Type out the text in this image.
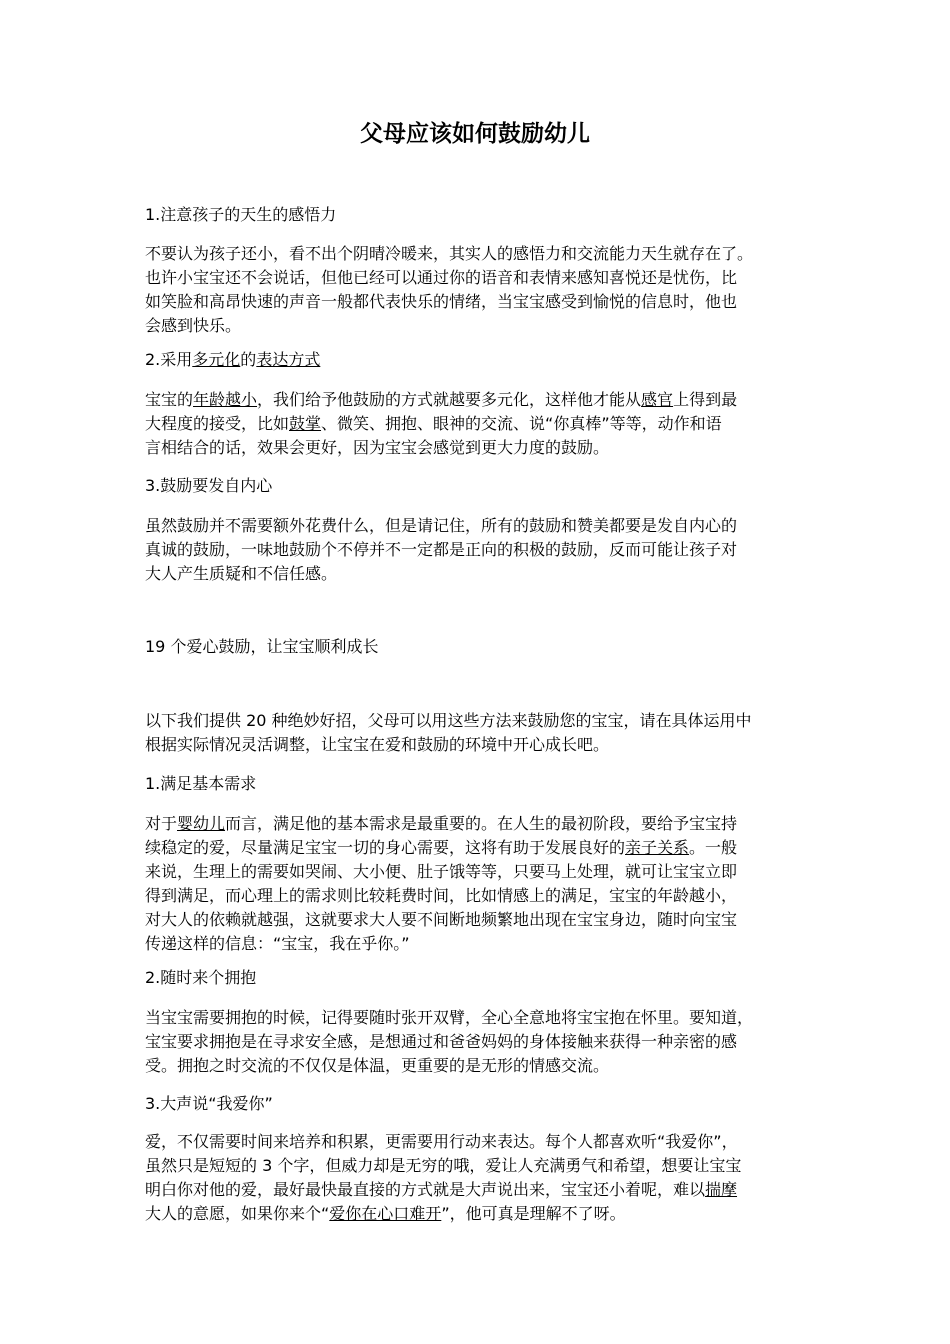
父母应该如何鼓励幼儿
1.注意孩子的天生的感悟力
不要认为孩子还小，看不出个阴晴冷暖来，其实人的感悟力和交流能力天生就存在了。
也许小宝宝还不会说话，但他已经可以通过你的语音和表情来感知喜悦还是忧伤，比
如笑脸和高昂快速的声音一般都代表快乐的情绪，当宝宝感受到愉悦的信息时，他也
会感到快乐。
2.采用多元化的表达方式
宝宝的年龄越小，我们给予他鼓励的方式就越要多元化，这样他才能从感官上得到最
大程度的接受，比如鼓掌、微笑、拥抱、眼神的交流、说“你真棒”等等，动作和语
言相结合的话，效果会更好，因为宝宝会感觉到更大力度的鼓励。
3.鼓励要发自内心
虽然鼓励并不需要额外花费什么，但是请记住，所有的鼓励和赞美都要是发自内心的
真诚的鼓励，一味地鼓励个不停并不一定都是正向的积极的鼓励，反而可能让孩子对
大人产生质疑和不信任感。
19 个爱心鼓励，让宝宝顺利成长
以下我们提供 20 种绝妙好招，父母可以用这些方法来鼓励您的宝宝，请在具体运用中
根据实际情况灵活调整，让宝宝在爱和鼓励的环境中开心成长吧。
1.满足基本需求
对于婴幼儿而言，满足他的基本需求是最重要的。在人生的最初阶段，要给予宝宝持
续稳定的爱，尽量满足宝宝一切的身心需要，这将有助于发展良好的亲子关系。一般
来说，生理上的需要如哭闹、大小便、肚子饿等等，只要马上处理，就可让宝宝立即
得到满足，而心理上的需求则比较耗费时间，比如情感上的满足，宝宝的年龄越小，
对大人的依赖就越强，这就要求大人要不间断地频繁地出现在宝宝身边，随时向宝宝
传递这样的信息：“宝宝，我在乎你。”
2.随时来个拥抱
当宝宝需要拥抱的时候，记得要随时张开双臂，全心全意地将宝宝抱在怀里。要知道，
宝宝要求拥抱是在寻求安全感，是想通过和爸爸妈妈的身体接触来获得一种亲密的感
受。拥抱之时交流的不仅仅是体温，更重要的是无形的情感交流。
3.大声说“我爱你”
爱，不仅需要时间来培养和积累，更需要用行动来表达。每个人都喜欢听“我爱你”，
虽然只是短短的 3 个字，但威力却是无穷的哦，爱让人充满勇气和希望，想要让宝宝
明白你对他的爱，最好最快最直接的方式就是大声说出来，宝宝还小着呢，难以揣摩
大人的意愿，如果你来个“爱你在心口难开”，他可真是理解不了呀。
